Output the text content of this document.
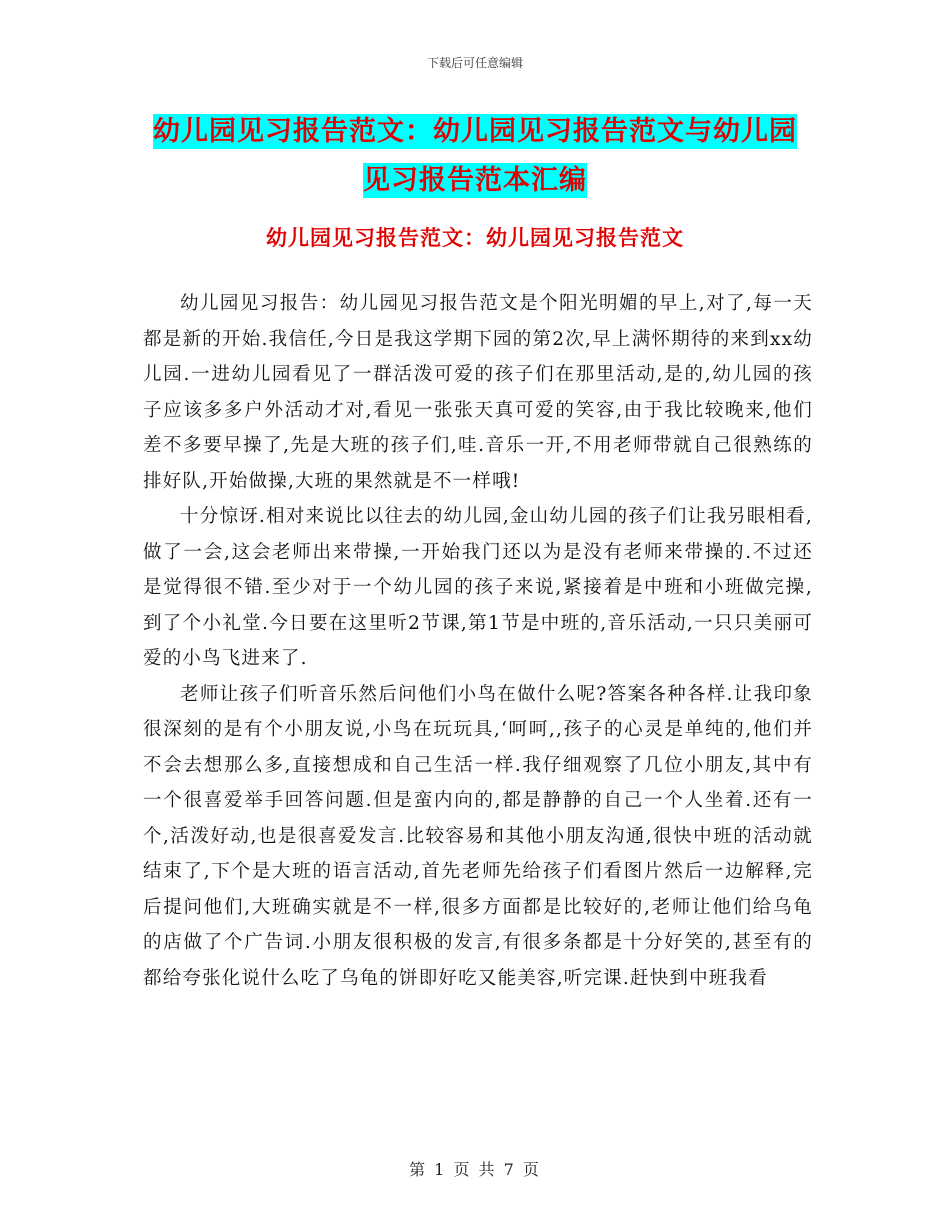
下载后可任意编辑
幼儿园见习报告范文：幼儿园见习报告范文与幼儿园见习报告范本汇编
幼儿园见习报告范文：幼儿园见习报告范文

幼儿园见习报告：幼儿园见习报告范文是个阳光明媚的早上,对了,每一天都是新的开始.我信任,今日是我这学期下园的第2次,早上满怀期待的来到xx幼儿园.一进幼儿园看见了一群活泼可爱的孩子们在那里活动,是的,幼儿园的孩子应该多多户外活动才对,看见一张张天真可爱的笑容,由于我比较晚来,他们差不多要早操了,先是大班的孩子们,哇.音乐一开,不用老师带就自己很熟练的排好队,开始做操,大班的果然就是不一样哦!

十分惊讶.相对来说比以往去的幼儿园,金山幼儿园的孩子们让我另眼相看,做了一会,这会老师出来带操,一开始我门还以为是没有老师来带操的.不过还是觉得很不错.至少对于一个幼儿园的孩子来说,紧接着是中班和小班做完操,到了个小礼堂.今日要在这里听2节课,第1节是中班的,音乐活动,一只只美丽可爱的小鸟飞进来了.

老师让孩子们听音乐然后问他们小鸟在做什么呢?答案各种各样.让我印象很深刻的是有个小朋友说,小鸟在玩玩具,‘呵呵,,孩子的心灵是单纯的,他们并不会去想那么多,直接想成和自己生活一样.我仔细观察了几位小朋友,其中有一个很喜爱举手回答问题.但是蛮内向的,都是静静的自己一个人坐着.还有一个,活泼好动,也是很喜爱发言.比较容易和其他小朋友沟通,很快中班的活动就结束了,下个是大班的语言活动,首先老师先给孩子们看图片然后一边解释,完后提问他们,大班确实就是不一样,很多方面都是比较好的,老师让他们给乌龟的店做了个广告词.小朋友很积极的发言,有很多条都是十分好笑的,甚至有的都给夸张化说什么吃了乌龟的饼即好吃又能美容,听完课.赶快到中班我看

第 1 页 共 7 页
